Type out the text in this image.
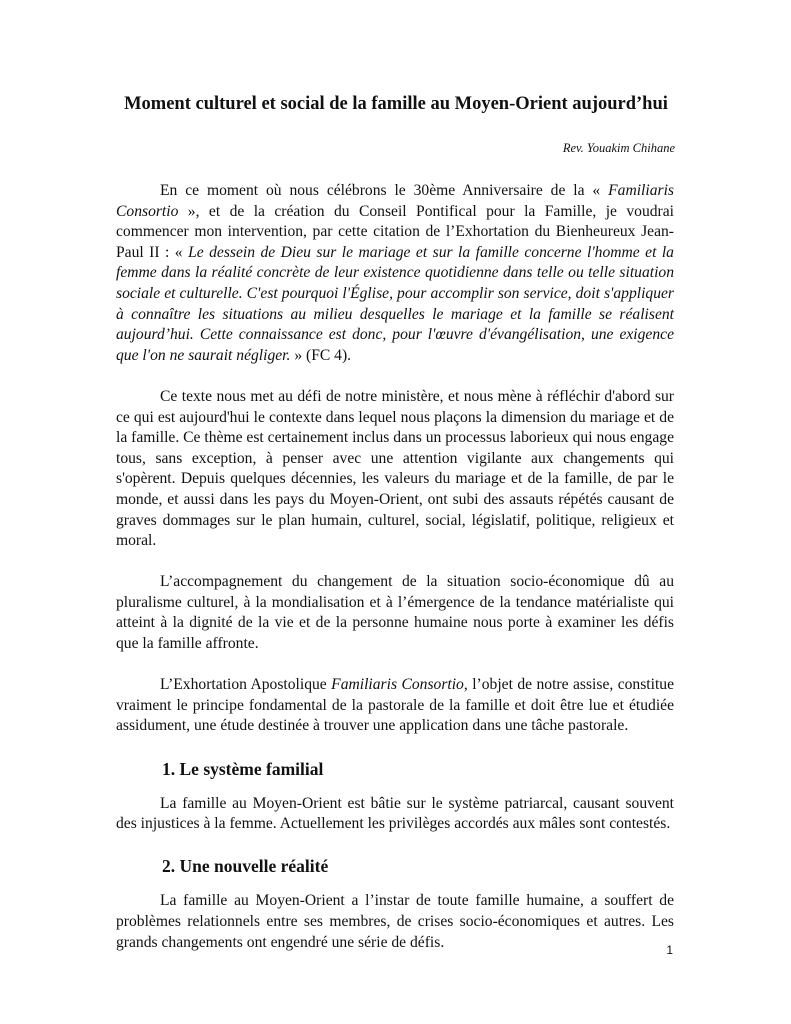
Moment culturel et social de la famille au Moyen-Orient aujourd’hui
Rev. Youakim Chihane

En ce moment où nous célébrons le 30ème Anniversaire de la « Familiaris Consortio », et de la création du Conseil Pontifical pour la Famille, je voudrai commencer mon intervention, par cette citation de l’Exhortation du Bienheureux Jean-Paul II : « Le dessein de Dieu sur le mariage et sur la famille concerne l'homme et la femme dans la réalité concrète de leur existence quotidienne dans telle ou telle situation sociale et culturelle. C'est pourquoi l'Église, pour accomplir son service, doit s'appliquer à connaître les situations au milieu desquelles le mariage et la famille se réalisent aujourd’hui. Cette connaissance est donc, pour l'œuvre d'évangélisation, une exigence que l'on ne saurait négliger. » (FC 4).

Ce texte nous met au défi de notre ministère, et nous mène à réfléchir d'abord sur ce qui est aujourd'hui le contexte dans lequel nous plaçons la dimension du mariage et de la famille. Ce thème est certainement inclus dans un processus laborieux qui nous engage tous, sans exception, à penser avec une attention vigilante aux changements qui s'opèrent. Depuis quelques décennies, les valeurs du mariage et de la famille, de par le monde, et aussi dans les pays du Moyen-Orient, ont subi des assauts répétés causant de graves dommages sur le plan humain, culturel, social, législatif, politique, religieux et moral.

L’accompagnement du changement de la situation socio-économique dû au pluralisme culturel, à la mondialisation et à l’émergence de la tendance matérialiste qui atteint à la dignité de la vie et de la personne humaine nous porte à examiner les défis que la famille affronte.

L’Exhortation Apostolique Familiaris Consortio, l’objet de notre assise, constitue vraiment le principe fondamental de la pastorale de la famille et doit être lue et étudiée assidument, une étude destinée à trouver une application dans une tâche pastorale.

1. Le système familial

La famille au Moyen-Orient est bâtie sur le système patriarcal, causant souvent des injustices à la femme. Actuellement les privilèges accordés aux mâles sont contestés.

2. Une nouvelle réalité

La famille au Moyen-Orient a l’instar de toute famille humaine, a souffert de problèmes relationnels entre ses membres, de crises socio-économiques et autres. Les grands changements ont engendré une série de défis.	1
